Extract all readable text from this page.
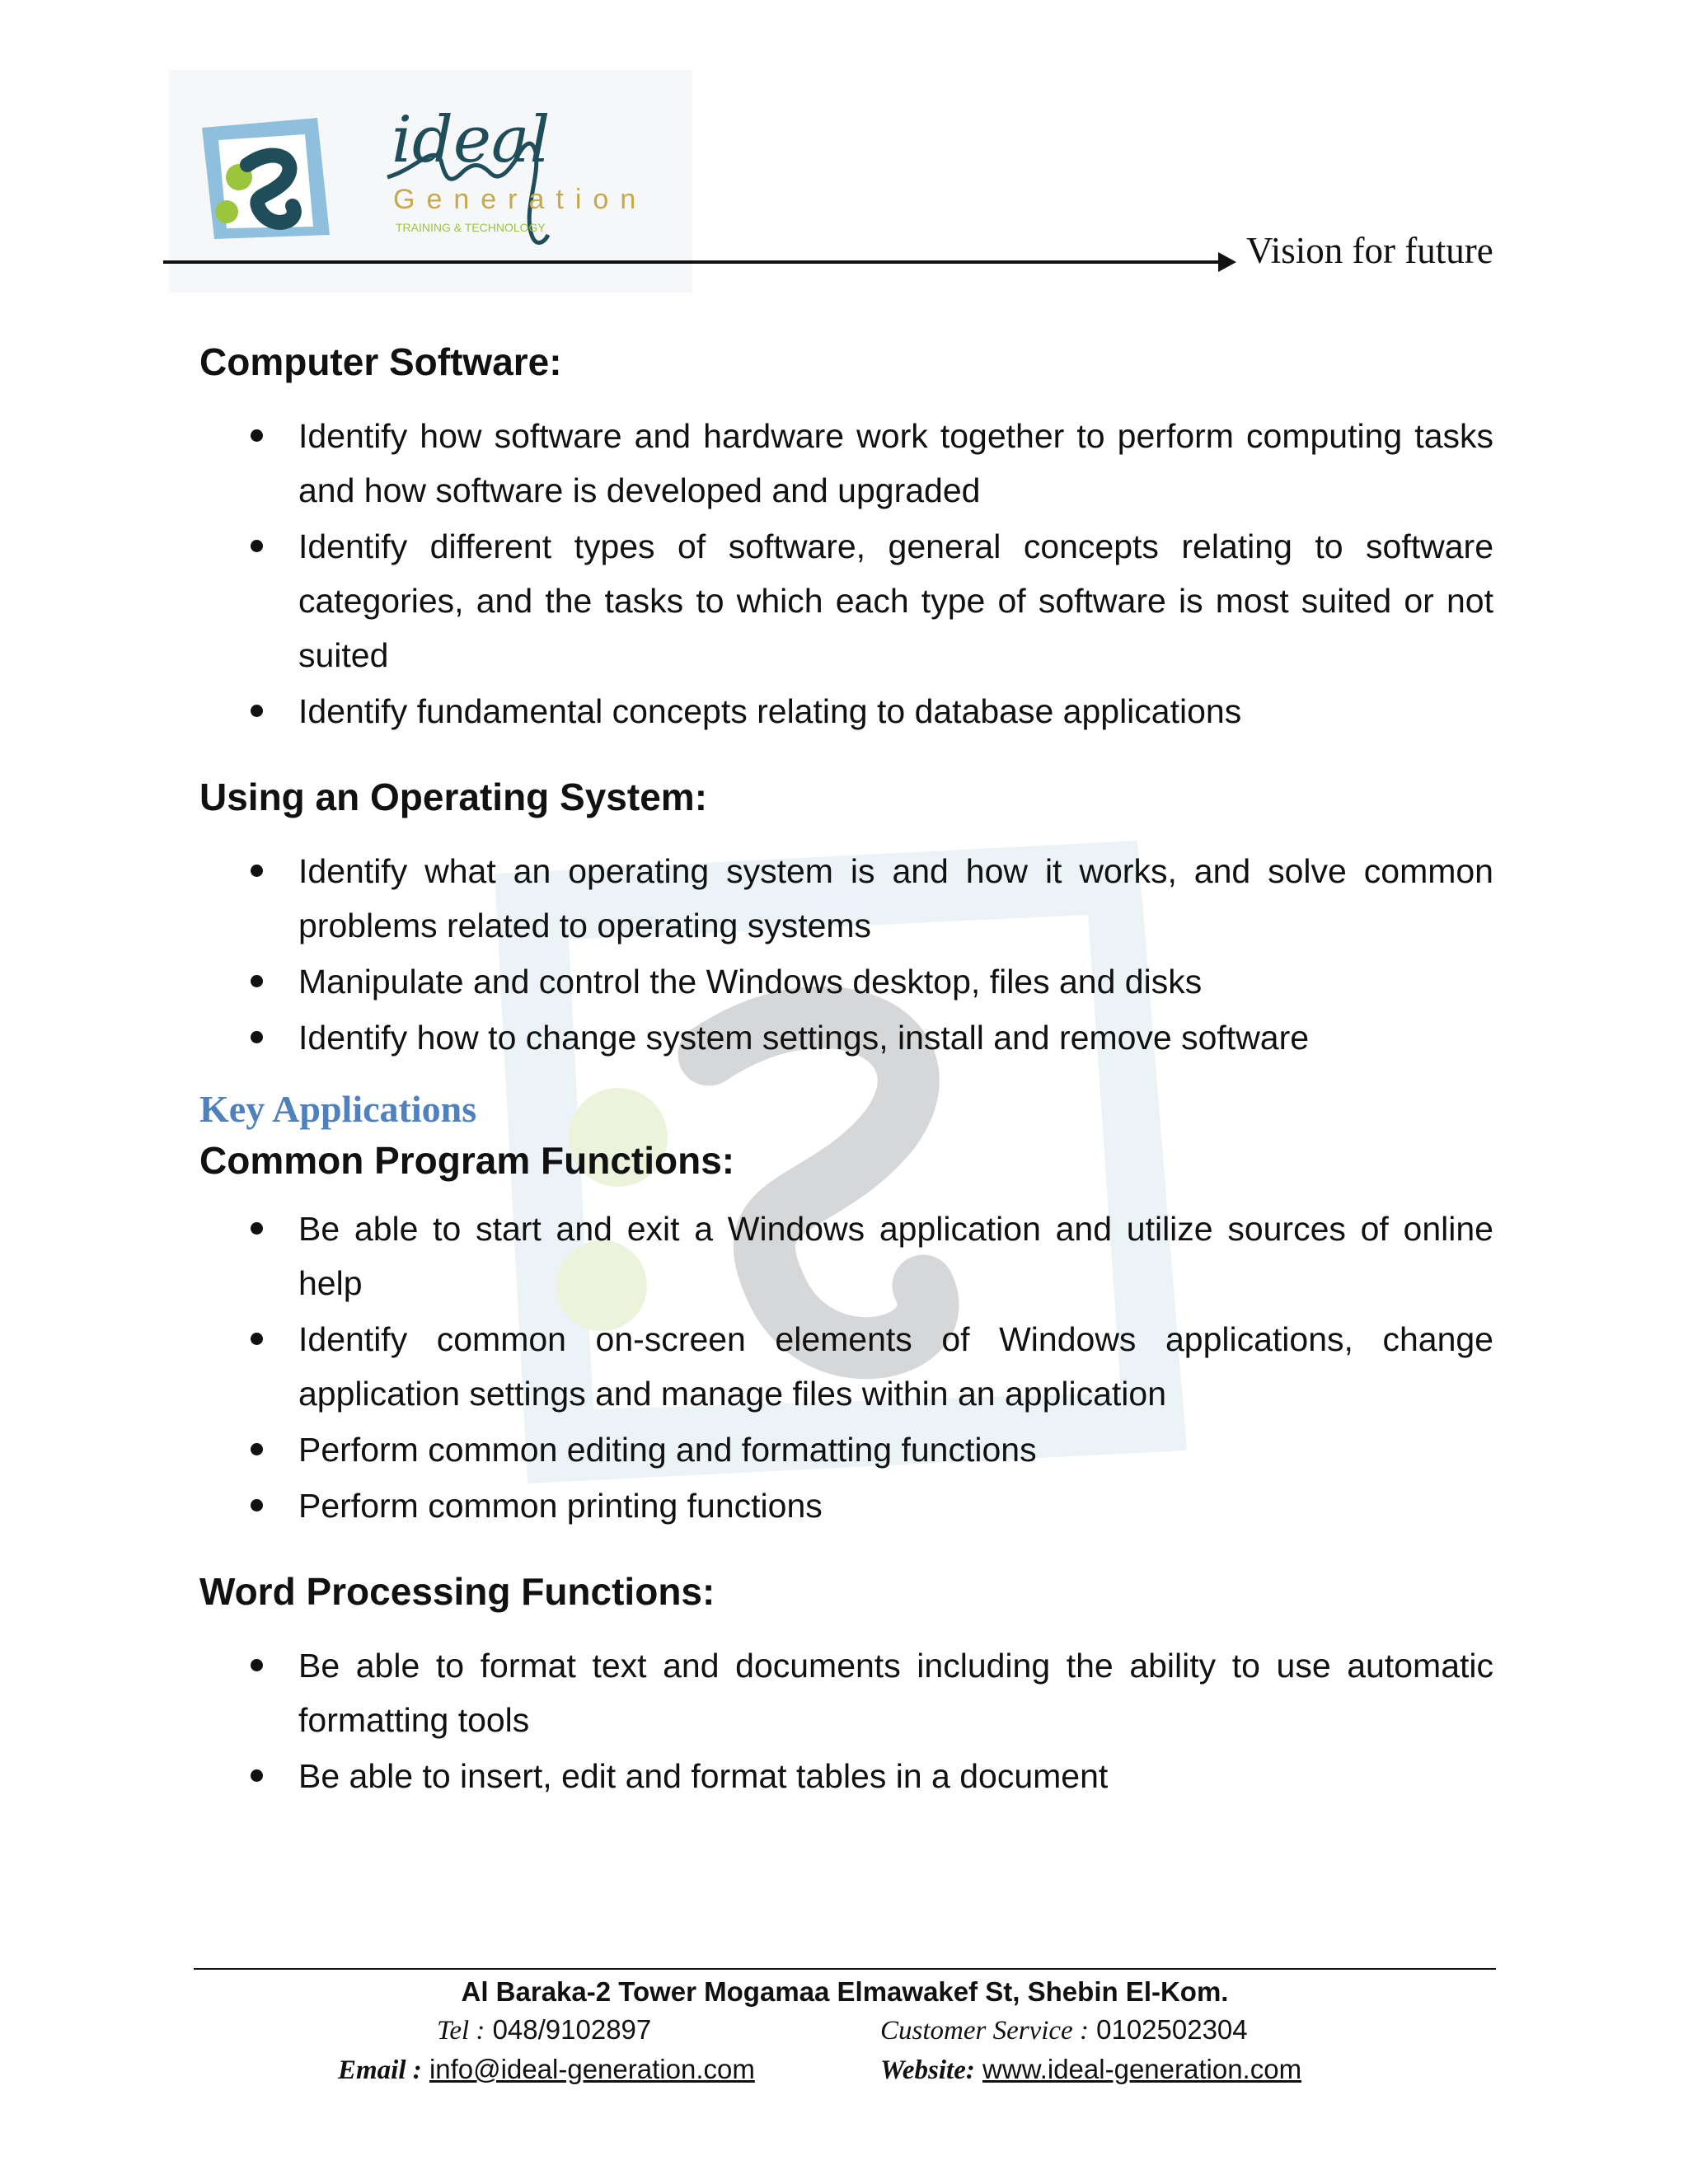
ideal
Generation
TRAINING & TECHNOLOGY
Vision for future
Computer Software:
Identify how software and hardware work together to perform computing tasks and how software is developed and upgraded
Identify different types of software, general concepts relating to software categories, and the tasks to which each type of software is most suited or not suited
Identify fundamental concepts relating to database applications
Using an Operating System:
Identify what an operating system is and how it works, and solve common problems related to operating systems
Manipulate and control the Windows desktop, files and disks
Identify how to change system settings, install and remove software
Key Applications
Common Program Functions:
Be able to start and exit a Windows application and utilize sources of online help
Identify common on-screen elements of Windows applications, change application settings and manage files within an application
Perform common editing and formatting functions
Perform common printing functions
Word Processing Functions:
Be able to format text and documents including the ability to use automatic formatting tools
Be able to insert, edit and format tables in a document
Al Baraka-2 Tower Mogamaa Elmawakef St, Shebin El-Kom.
Tel : 048/9102897	Customer Service : 0102502304
Email : info@ideal-generation.com	Website: www.ideal-generation.com
